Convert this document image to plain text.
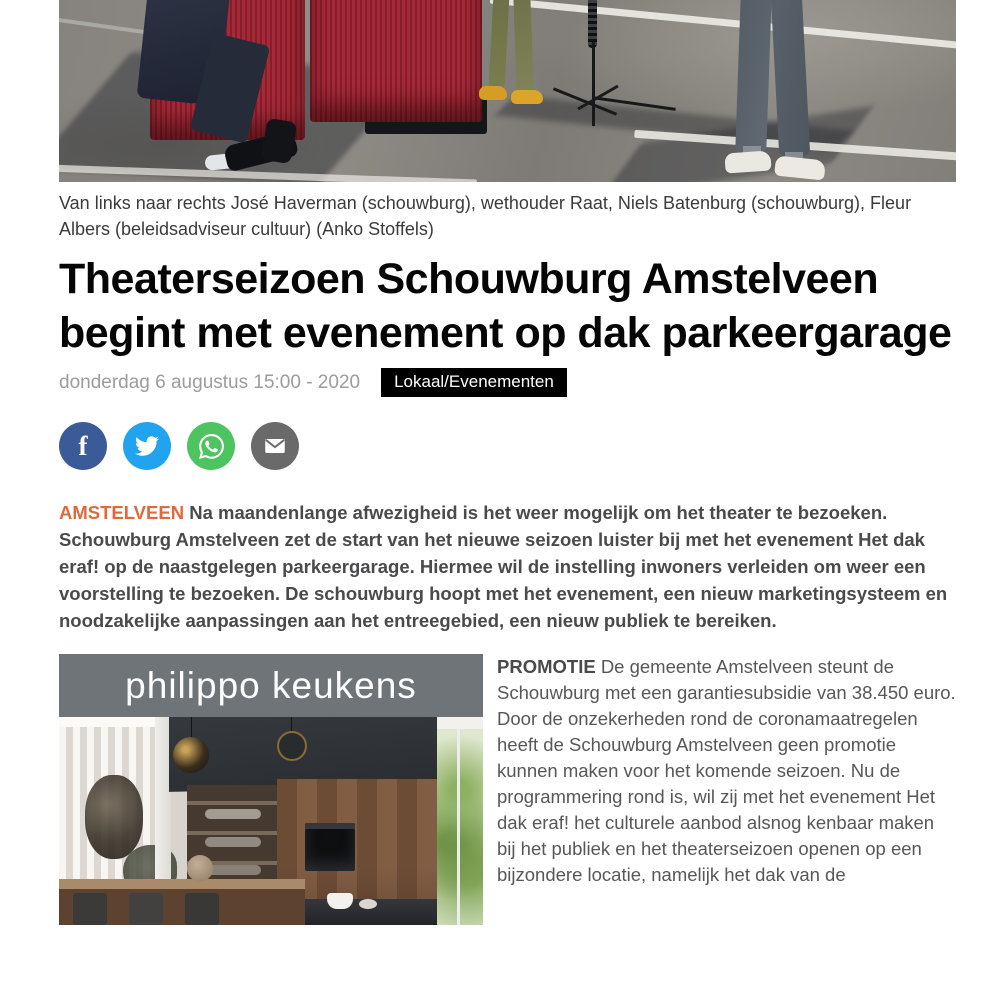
Van links naar rechts José Haverman (schouwburg), wethouder Raat, Niels Batenburg (schouwburg), Fleur Albers (beleidsadviseur cultuur) (Anko Stoffels)
Theaterseizoen Schouwburg Amstelveen begint met evenement op dak parkeergarage
donderdag 6 augustus 15:00 - 2020	Lokaal/Evenementen
f

AMSTELVEEN Na maandenlange afwezigheid is het weer mogelijk om het theater te bezoeken. Schouwburg Amstelveen zet de start van het nieuwe seizoen luister bij met het evenement Het dak eraf! op de naastgelegen parkeergarage. Hiermee wil de instelling inwoners verleiden om weer een voorstelling te bezoeken. De schouwburg hoopt met het evenement, een nieuw marketingsysteem en noodzakelijke aanpassingen aan het entreegebied, een nieuw publiek te bereiken.

philippo keukens	PROMOTIE De gemeente Amstelveen steunt de Schouwburg met een garantiesubsidie van 38.450 euro. Door de onzekerheden rond de coronamaatregelen heeft de Schouwburg Amstelveen geen promotie kunnen maken voor het komende seizoen. Nu de programmering rond is, wil zij met het evenement Het dak eraf! het culturele aanbod alsnog kenbaar maken bij het publiek en het theaterseizoen openen op een bijzondere locatie, namelijk het dak van de
